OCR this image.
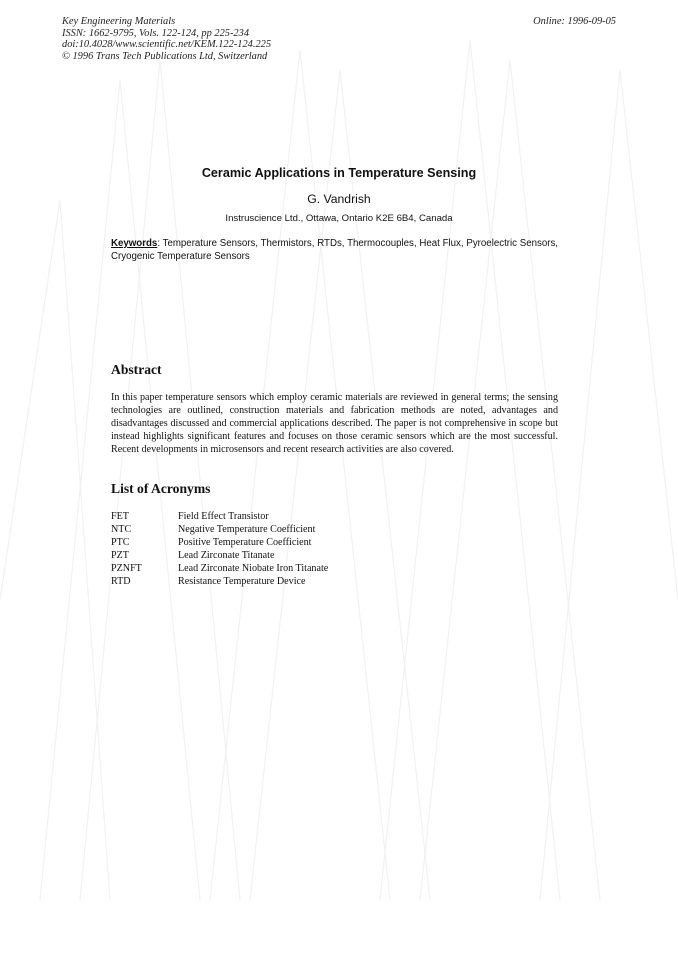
Key Engineering Materials
ISSN: 1662-9795, Vols. 122-124, pp 225-234
doi:10.4028/www.scientific.net/KEM.122-124.225
© 1996 Trans Tech Publications Ltd, Switzerland
Online: 1996-09-05
Ceramic Applications in Temperature Sensing
G. Vandrish
Instruscience Ltd., Ottawa, Ontario K2E 6B4, Canada
Keywords: Temperature Sensors, Thermistors, RTDs, Thermocouples, Heat Flux, Pyroelectric Sensors, Cryogenic Temperature Sensors
Abstract
In this paper temperature sensors which employ ceramic materials are reviewed in general terms; the sensing technologies are outlined, construction materials and fabrication methods are noted, advantages and disadvantages discussed and commercial applications described. The paper is not comprehensive in scope but instead highlights significant features and focuses on those ceramic sensors which are the most successful. Recent developments in microsensors and recent research activities are also covered.
List of Acronyms
FET	Field Effect Transistor
NTC	Negative Temperature Coefficient
PTC	Positive Temperature Coefficient
PZT	Lead Zirconate Titanate
PZNFT	Lead Zirconate Niobate Iron Titanate
RTD	Resistance Temperature Device
